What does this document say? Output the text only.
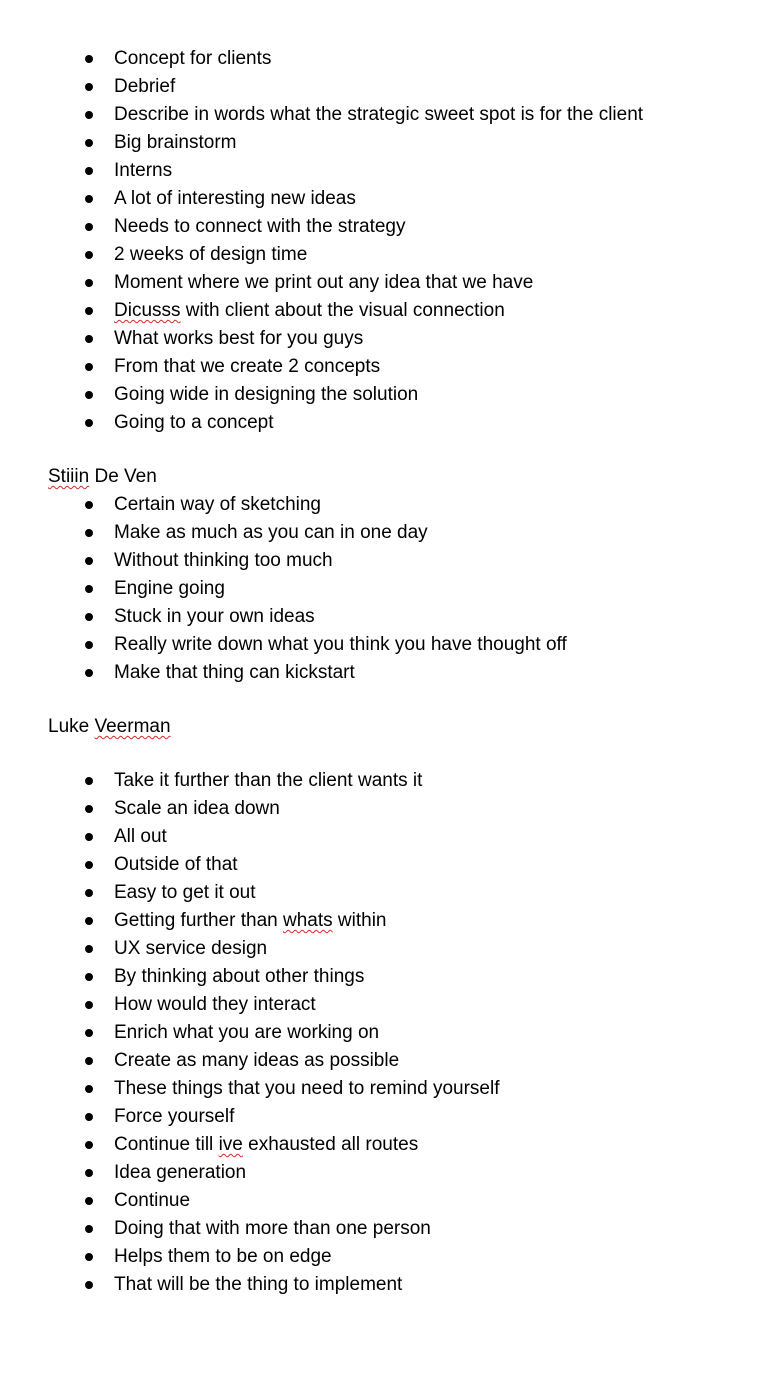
Concept for clients
Debrief
Describe in words what the strategic sweet spot is for the client
Big brainstorm
Interns
A lot of interesting new ideas
Needs to connect with the strategy
2 weeks of design time
Moment where we print out any idea that we have
Dicusss with client about the visual connection
What works best for you guys
From that we create 2 concepts
Going wide in designing the solution
Going to a concept
Stiiin De Ven
Certain way of sketching
Make as much as you can in one day
Without thinking too much
Engine going
Stuck in your own ideas
Really write down what you think you have thought off
Make that thing can kickstart
Luke Veerman
Take it further than the client wants it
Scale an idea down
All out
Outside of that
Easy to get it out
Getting further than whats within
UX service design
By thinking about other things
How would they interact
Enrich what you are working on
Create as many ideas as possible
These things that you need to remind yourself
Force yourself
Continue till ive exhausted all routes
Idea generation
Continue
Doing that with more than one person
Helps them to be on edge
That will be the thing to implement
